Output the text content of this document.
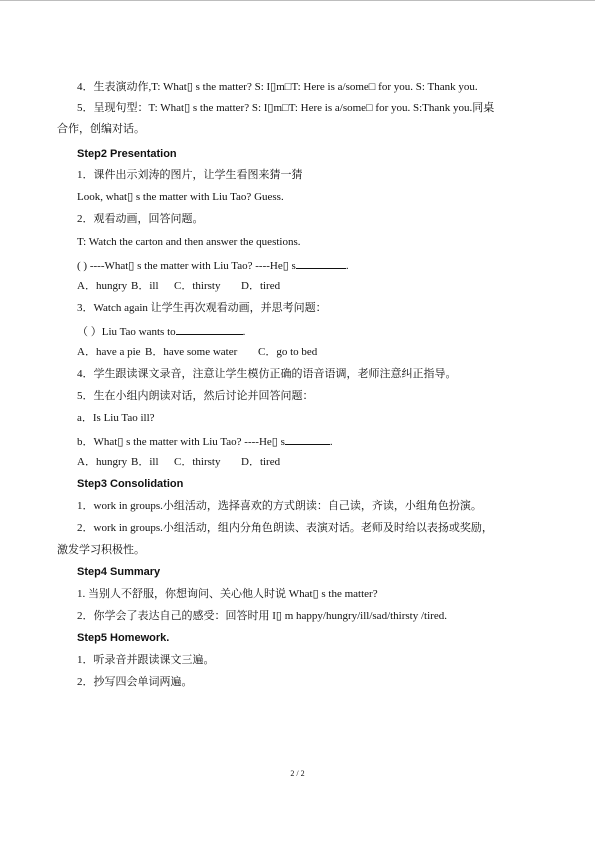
4．生表演动作,T: What▯ s the matter? S: I▯m□T: Here is a/some□ for you. S: Thank you.
5．呈现句型：T: What▯ s the matter? S: I▯m□T: Here is a/some□ for you. S:Thank you.同桌
合作，创编对话。
Step2 Presentation
1．课件出示刘涛的图片，让学生看图来猜一猜
Look, what▯ s the matter with Liu Tao? Guess.
2．观看动画，回答问题。
T: Watch the carton and then answer the questions.
( ) ----What▯ s the matter with Liu Tao? ----He▯ s	.
A．hungry B．ill C．thirsty D．tired
3．Watch again 让学生再次观看动画，并思考问题：
（ ）Liu Tao wants to	.
A．have a pie B．have some water C．go to bed
4．学生跟读课文录音，注意让学生模仿正确的语音语调，老师注意纠正指导。
5．生在小组内朗读对话，然后讨论并回答问题：
a．Is Liu Tao ill?
b．What▯ s the matter with Liu Tao? ----He▯ s	.
A．hungry B．ill C．thirsty D．tired
Step3 Consolidation
1．work in groups.小组活动，选择喜欢的方式朗读：自己读，齐读，小组角色扮演。
2．work in groups.小组活动，组内分角色朗读、表演对话。老师及时给以表扬或奖励，
激发学习积极性。
Step4 Summary
1. 当别人不舒服，你想询问、关心他人时说 What▯ s the matter?
2．你学会了表达自己的感受：回答时用 I▯ m happy/hungry/ill/sad/thirsty /tired.
Step5 Homework.
1．听录音并跟读课文三遍。
2．抄写四会单词两遍。
2 / 2
